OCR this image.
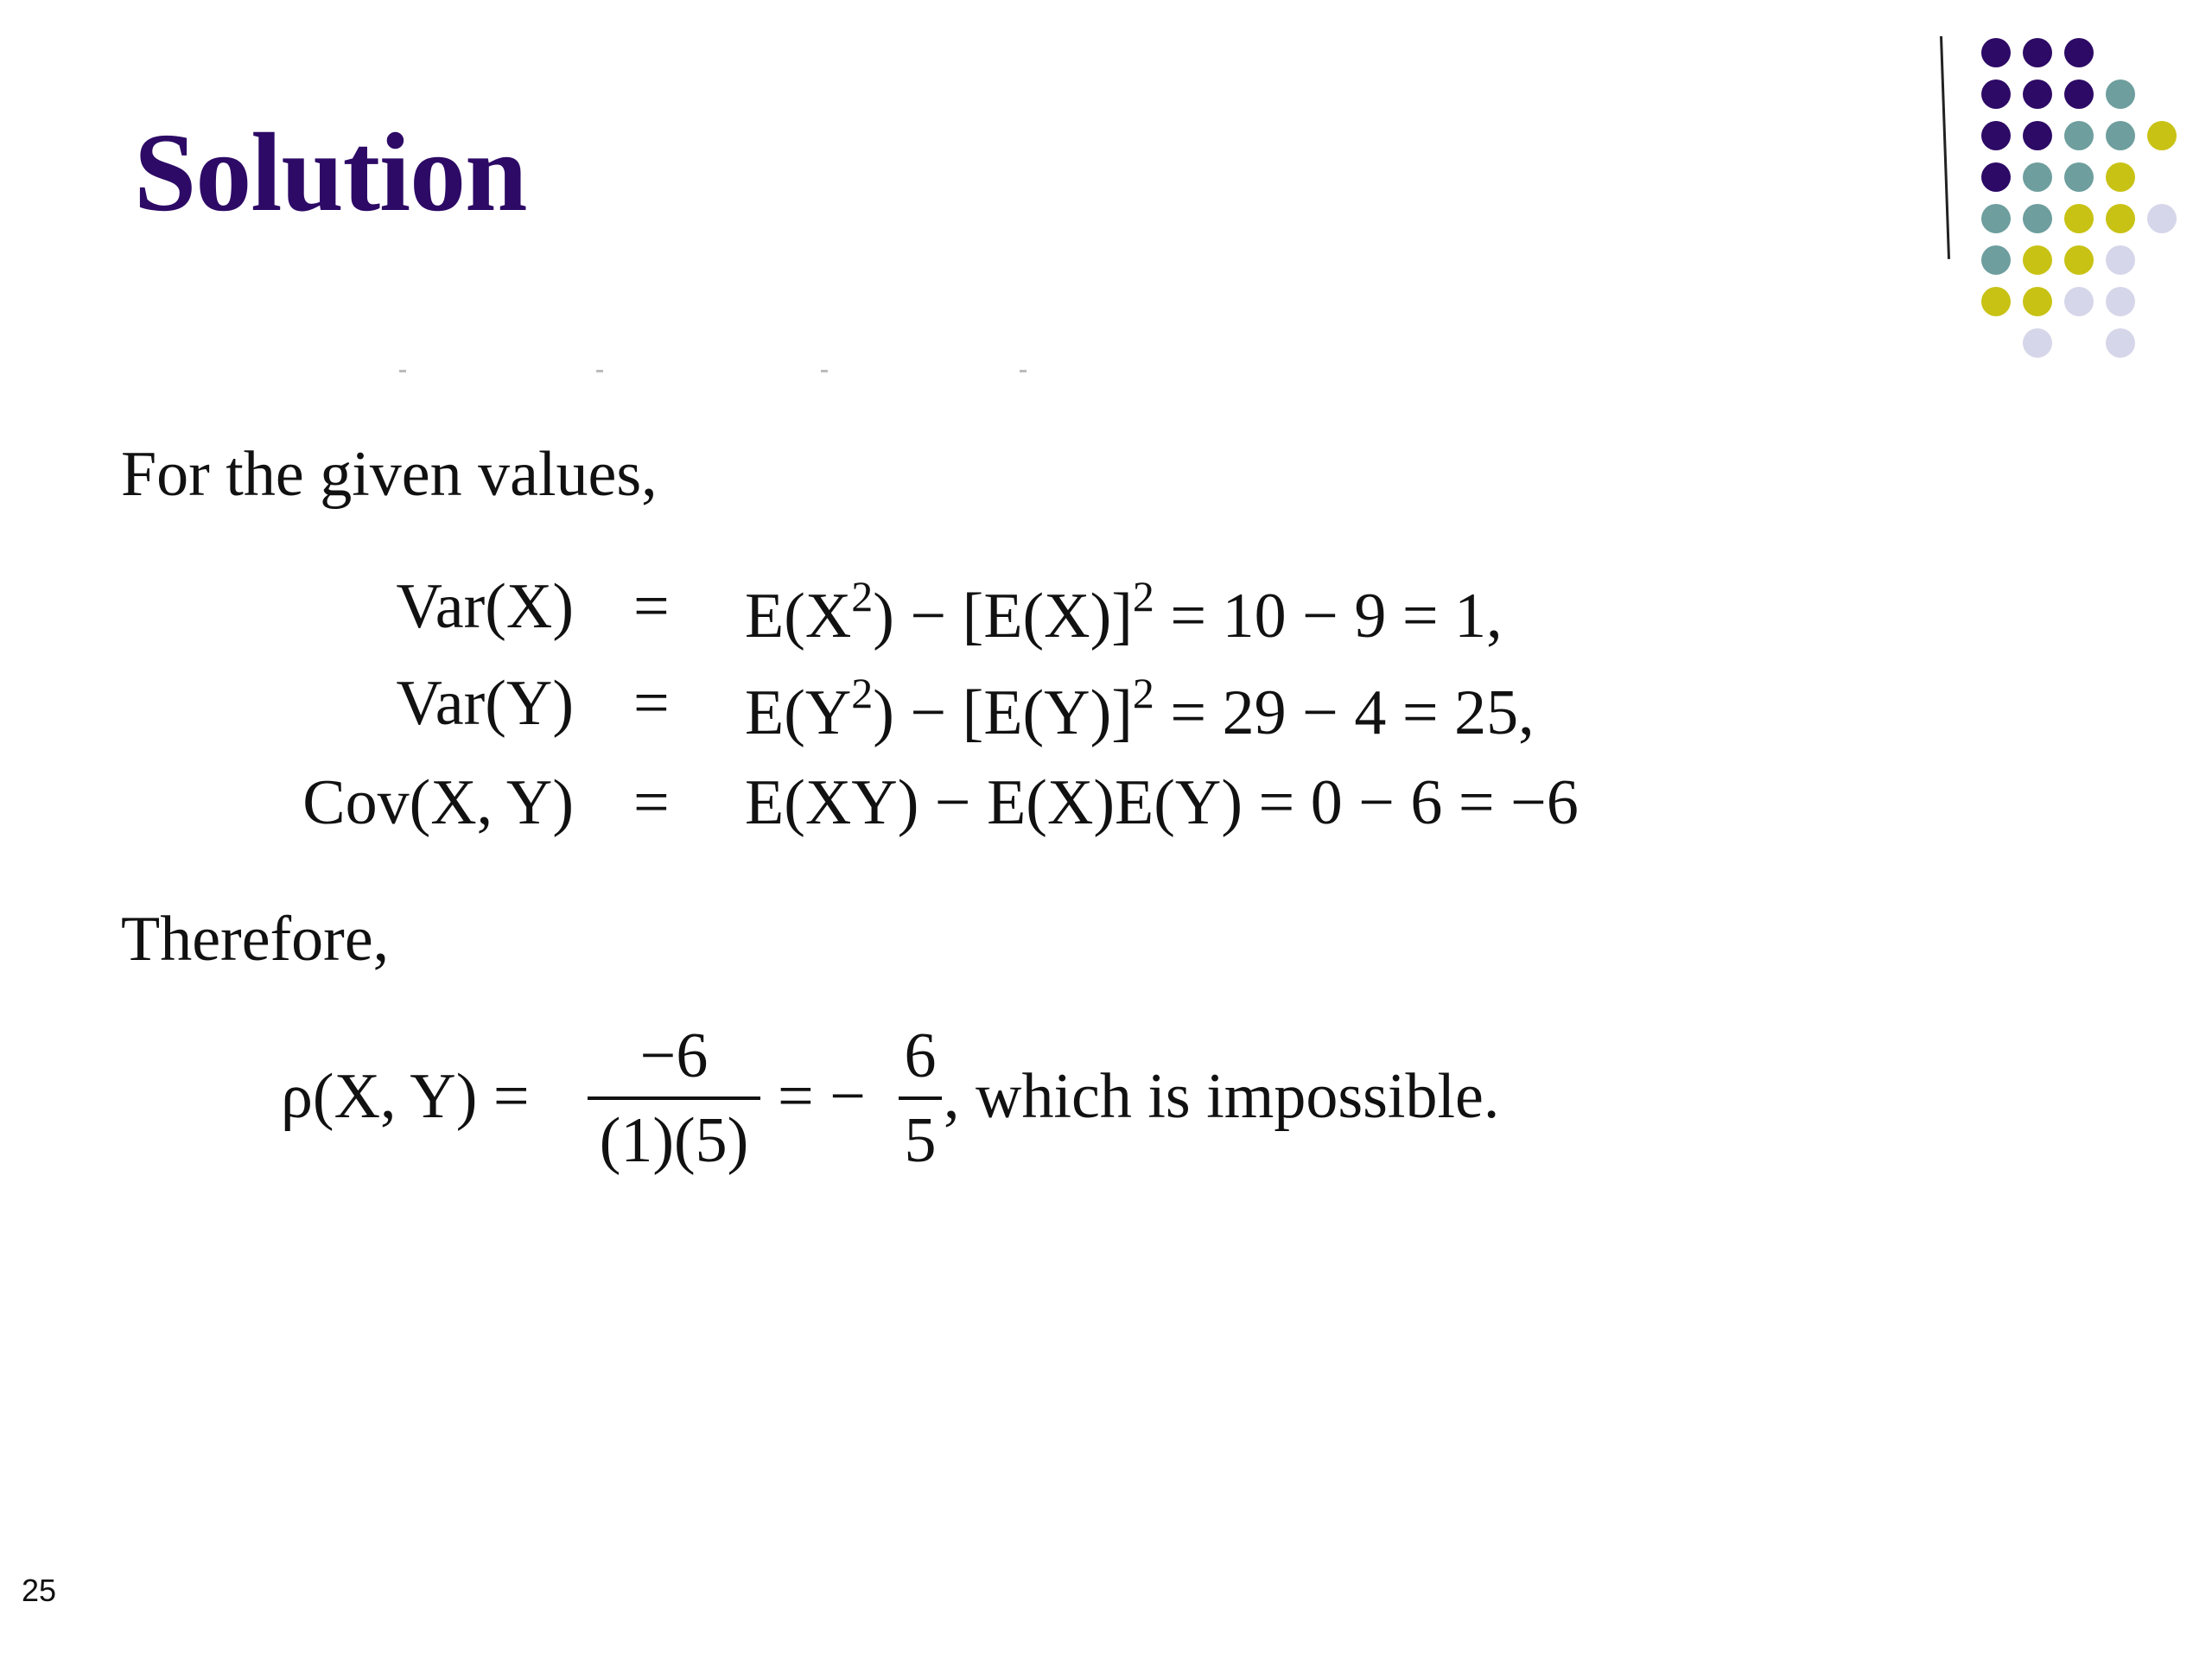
Solution
For the given values,
$Var(X) = E(X^2) - [E(X)]^2 = 10 - 9 = 1$,
$Var(Y) = E(Y^2) - [E(Y)]^2 = 29 - 4 = 25$,
Cov(X, Y) = E(XY) − E(X)E(Y) = 0 − 6 = −6
Therefore,
ρ(X, Y) =
−6
(1)(5)
= −
6
5
, which is impossible.
25
